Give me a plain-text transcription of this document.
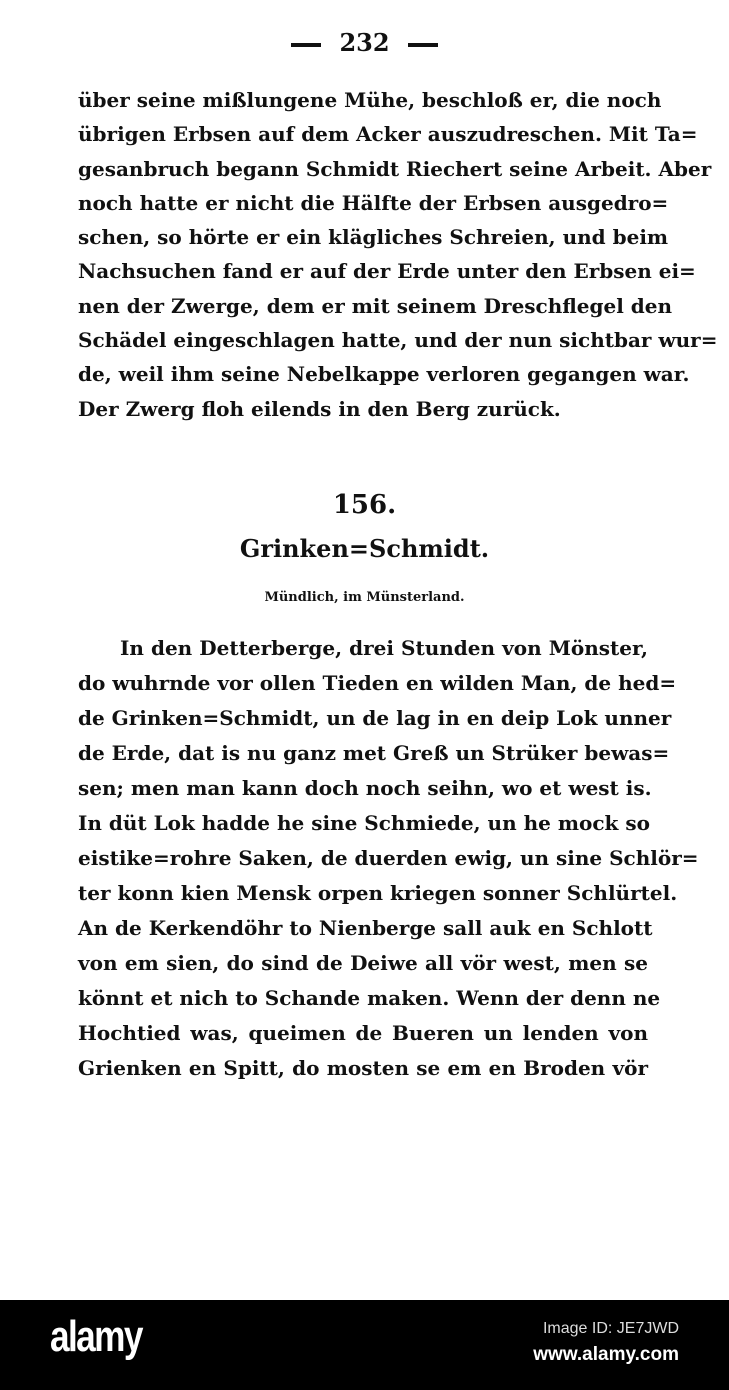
232
über seine mißlungene Mühe, beschloß er, die noch
übrigen Erbsen auf dem Acker auszudreschen. Mit Ta=
gesanbruch begann Schmidt Riechert seine Arbeit. Aber
noch hatte er nicht die Hälfte der Erbsen ausgedro=
schen, so hörte er ein klägliches Schreien, und beim
Nachsuchen fand er auf der Erde unter den Erbsen ei=
nen der Zwerge, dem er mit seinem Dreschflegel den
Schädel eingeschlagen hatte, und der nun sichtbar wur=
de, weil ihm seine Nebelkappe verloren gegangen war.
Der Zwerg floh eilends in den Berg zurück.
156.
Grinken=Schmidt.
Mündlich, im Münsterland.
In den Detterberge, drei Stunden von Mönster,
do wuhrnde vor ollen Tieden en wilden Man, de hed=
de Grinken=Schmidt, un de lag in en deip Lok unner
de Erde, dat is nu ganz met Greß un Strüker bewas=
sen; men man kann doch noch seihn, wo et west is.
In düt Lok hadde he sine Schmiede, un he mock so
eistike=rohre Saken, de duerden ewig, un sine Schlör=
ter konn kien Mensk orpen kriegen sonner Schlürtel.
An de Kerkendöhr to Nienberge sall auk en Schlott
von em sien, do sind de Deiwe all vör west, men se
könnt et nich to Schande maken. Wenn der denn ne
Hochtied was, queimen de Bueren un lenden von
Grienken en Spitt, do mosten se em en Broden vör
alamy	Image ID: JE7JWD
www.alamy.com
